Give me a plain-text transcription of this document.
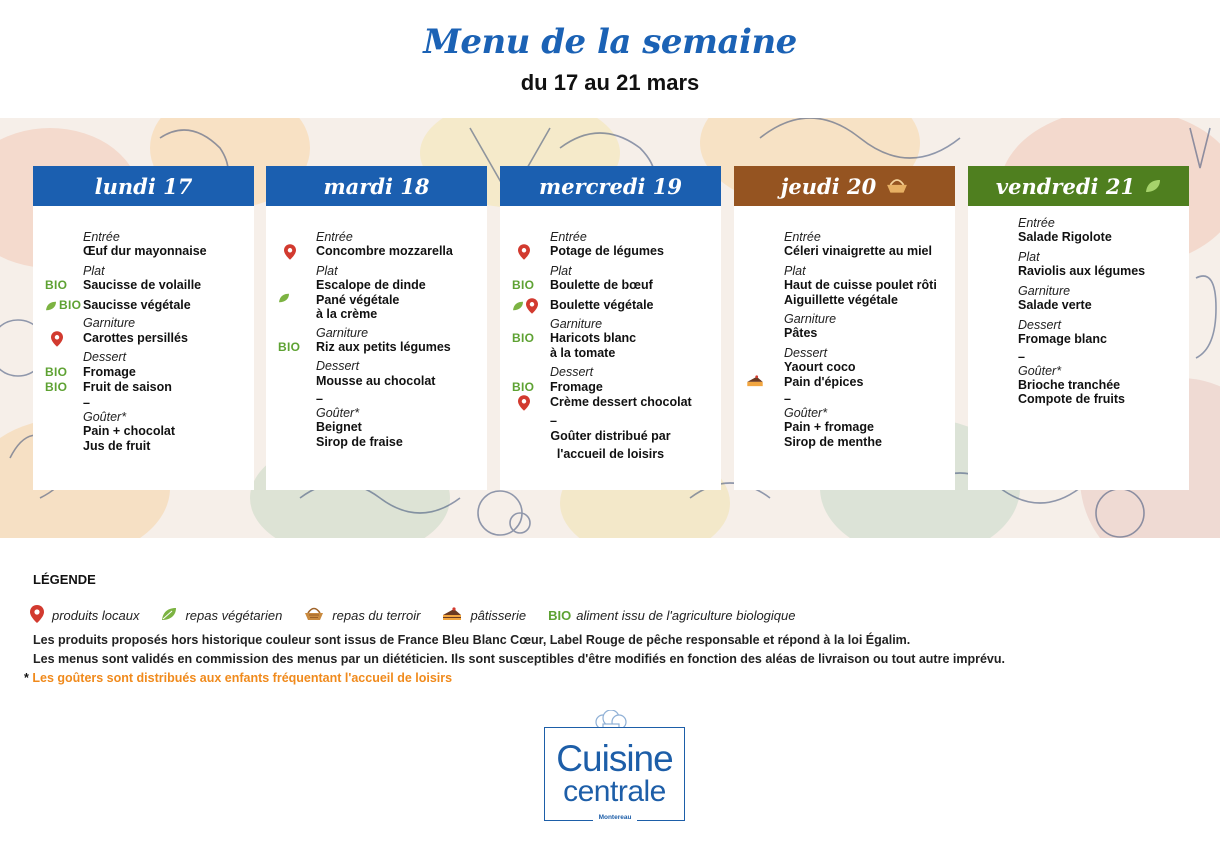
Menu de la semaine
du 17 au 21 mars
lundi 17
Entrée
Œuf dur mayonnaise
Plat
BIO Saucisse de volaille
BIO Saucisse végétale
Garniture
Carottes persillés
Dessert
BIO Fromage
BIO Fruit de saison
–
Goûter*
Pain + chocolat
Jus de fruit
mardi 18
Entrée
Concombre mozzarella
Plat
Escalope de dinde
Pané végétale
à la crème
Garniture
BIO Riz aux petits légumes
Dessert
Mousse au chocolat
–
Goûter*
Beignet
Sirop de fraise
mercredi 19
Entrée
Potage de légumes
Plat
BIO Boulette de bœuf
Boulette végétale
Garniture
BIO Haricots blanc
à la tomate
Dessert
BIO Fromage
Crème dessert chocolat
–
Goûter distribué par
l'accueil de loisirs
jeudi 20
Entrée
Céleri vinaigrette au miel
Plat
Haut de cuisse poulet rôti
Aiguillette végétale
Garniture
Pâtes
Dessert
Yaourt coco
Pain d'épices
–
Goûter*
Pain + fromage
Sirop de menthe
vendredi 21
Entrée
Salade Rigolote
Plat
Raviolis aux légumes
Garniture
Salade verte
Dessert
Fromage blanc
–
Goûter*
Brioche tranchée
Compote de fruits
LÉGENDE
produits locaux	repas végétarien	repas du terroir	pâtisserie BIO aliment issu de l'agriculture biologique
Les produits proposés hors historique couleur sont issus de France Bleu Blanc Cœur, Label Rouge de pêche responsable et répond à la loi Égalim.
Les menus sont validés en commission des menus par un diététicien. Ils sont susceptibles d'être modifiés en fonction des aléas de livraison ou tout autre imprévu.
* Les goûters sont distribués aux enfants fréquentant l'accueil de loisirs
Cuisine
centrale
Montereau
